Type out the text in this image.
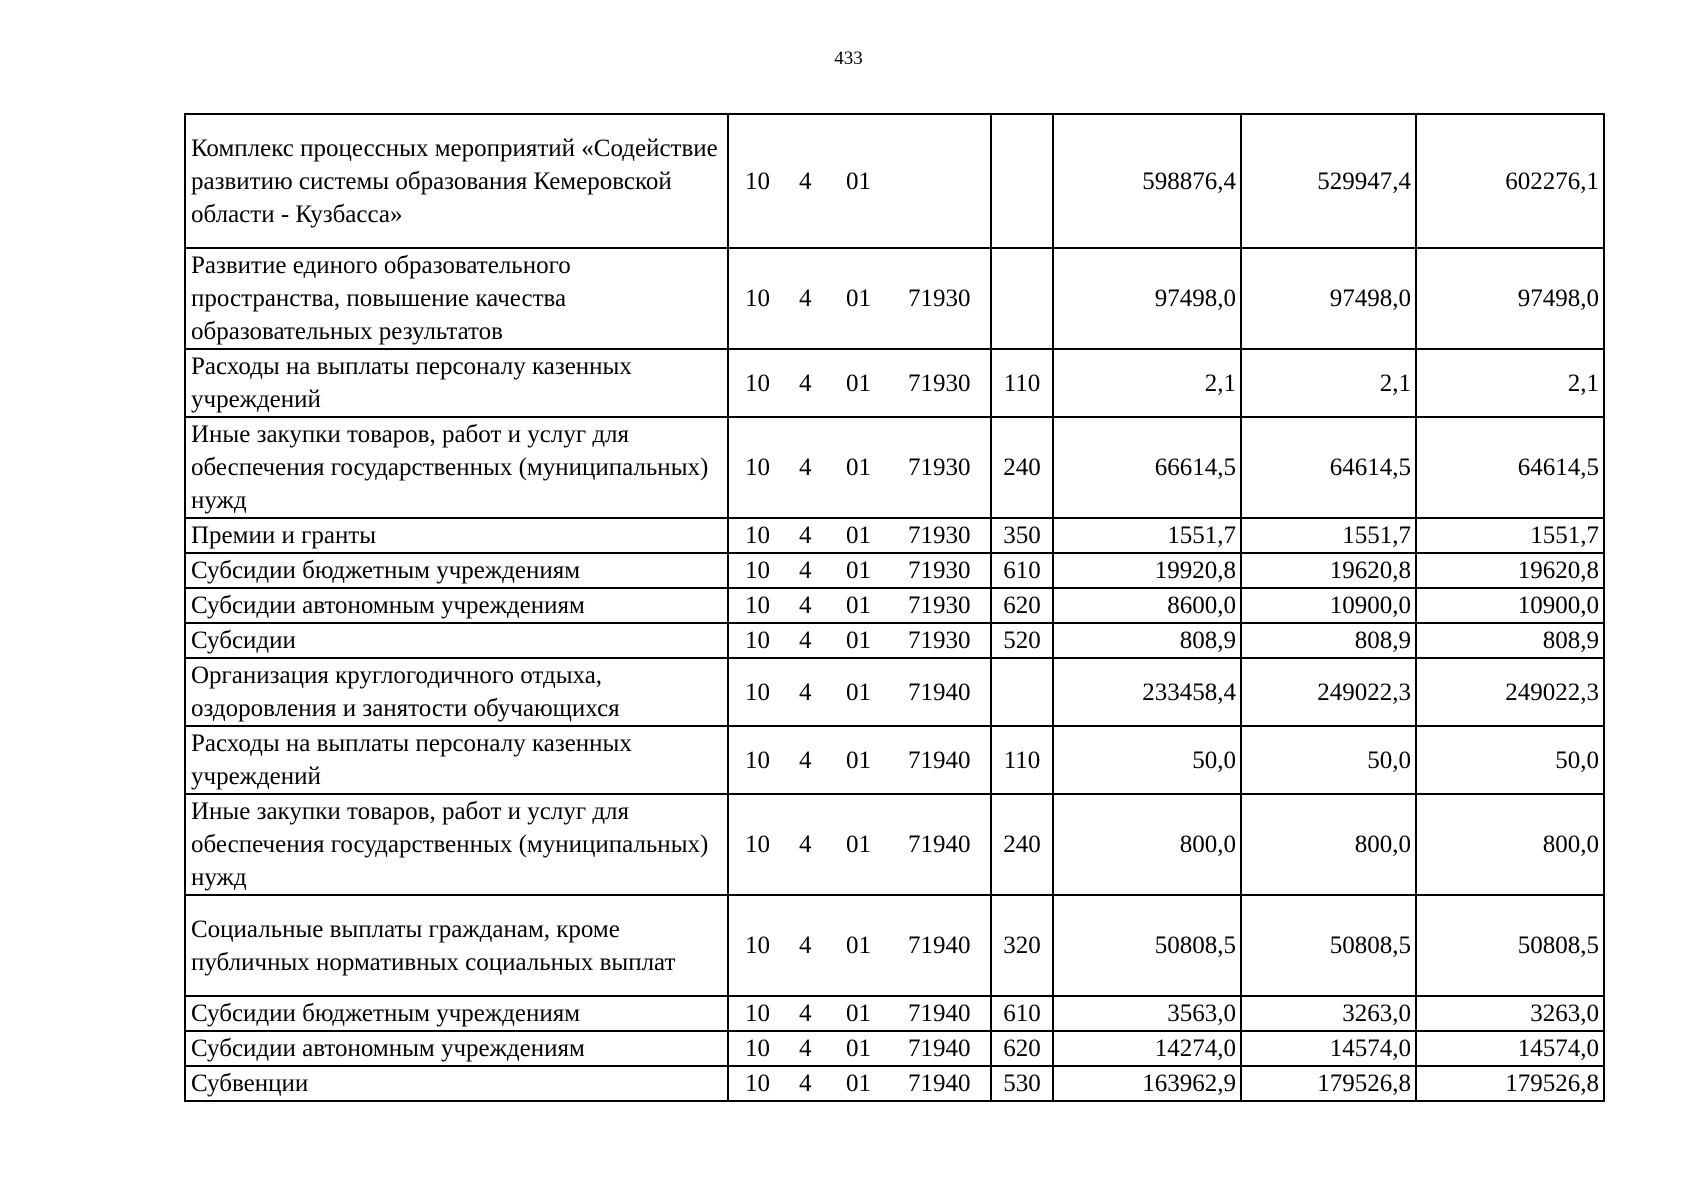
433
Комплекс процессных мероприятий «Содействие развитию системы образования Кемеровской области - Кузбасса»	10 4 01		598876,4	529947,4	602276,1
Развитие единого образовательного пространства, повышение качества образовательных результатов	10 4 01 71930		97498,0	97498,0	97498,0
Расходы на выплаты персоналу казенных учреждений	10 4 01 71930	110	2,1	2,1	2,1
Иные закупки товаров, работ и услуг для обеспечения государственных (муниципальных) нужд	10 4 01 71930	240	66614,5	64614,5	64614,5
Премии и гранты	10 4 01 71930	350	1551,7	1551,7	1551,7
Субсидии бюджетным учреждениям	10 4 01 71930	610	19920,8	19620,8	19620,8
Субсидии автономным учреждениям	10 4 01 71930	620	8600,0	10900,0	10900,0
Субсидии	10 4 01 71930	520	808,9	808,9	808,9
Организация круглогодичного отдыха, оздоровления и занятости обучающихся	10 4 01 71940		233458,4	249022,3	249022,3
Расходы на выплаты персоналу казенных учреждений	10 4 01 71940	110	50,0	50,0	50,0
Иные закупки товаров, работ и услуг для обеспечения государственных (муниципальных) нужд	10 4 01 71940	240	800,0	800,0	800,0
Социальные выплаты гражданам, кроме публичных нормативных социальных выплат	10 4 01 71940	320	50808,5	50808,5	50808,5
Субсидии бюджетным учреждениям	10 4 01 71940	610	3563,0	3263,0	3263,0
Субсидии автономным учреждениям	10 4 01 71940	620	14274,0	14574,0	14574,0
Субвенции	10 4 01 71940	530	163962,9	179526,8	179526,8
